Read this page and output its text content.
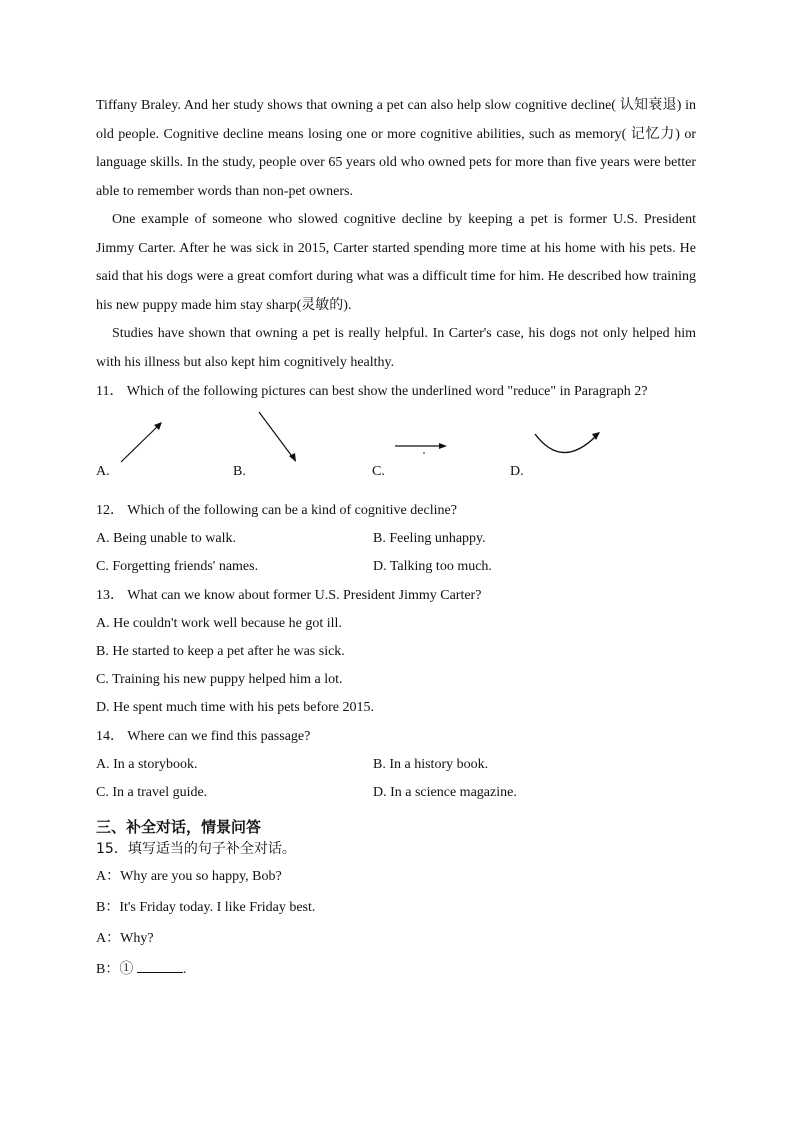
Tiffany Braley. And her study shows that owning a pet can also help slow cognitive decline( 认知衰退) in old people. Cognitive decline means losing one or more cognitive abilities, such as memory( 记忆力) or language skills. In the study, people over 65 years old who owned pets for more than five years were better able to remember words than non-pet owners.

One example of someone who slowed cognitive decline by keeping a pet is former U.S. President Jimmy Carter. After he was sick in 2015, Carter started spending more time at his home with his pets. He said that his dogs were a great comfort during what was a difficult time for him. He described how training his new puppy made him stay sharp(灵敏的).

Studies have shown that owning a pet is really helpful. In Carter's case, his dogs not only helped him with his illness but also kept him cognitively healthy.

11． Which of the following pictures can best show the underlined word "reduce" in Paragraph 2?

A.	B.	C.	D.

12． Which of the following can be a kind of cognitive decline?

A. Being unable to walk.	B. Feeling unhappy.
C. Forgetting friends' names.	D. Talking too much.

13． What can we know about former U.S. President Jimmy Carter?

A. He couldn't work well because he got ill.
B. He started to keep a pet after he was sick.
C. Training his new puppy helped him a lot.
D. He spent much time with his pets before 2015.

14． Where can we find this passage?

A. In a storybook.	B. In a history book.
C. In a travel guide.	D. In a science magazine.
三、补全对话，情景问答
15．填写适当的句子补全对话。
A：Why are you so happy, Bob?
B：It's Friday today. I like Friday best.
A：Why?
B：①	.
